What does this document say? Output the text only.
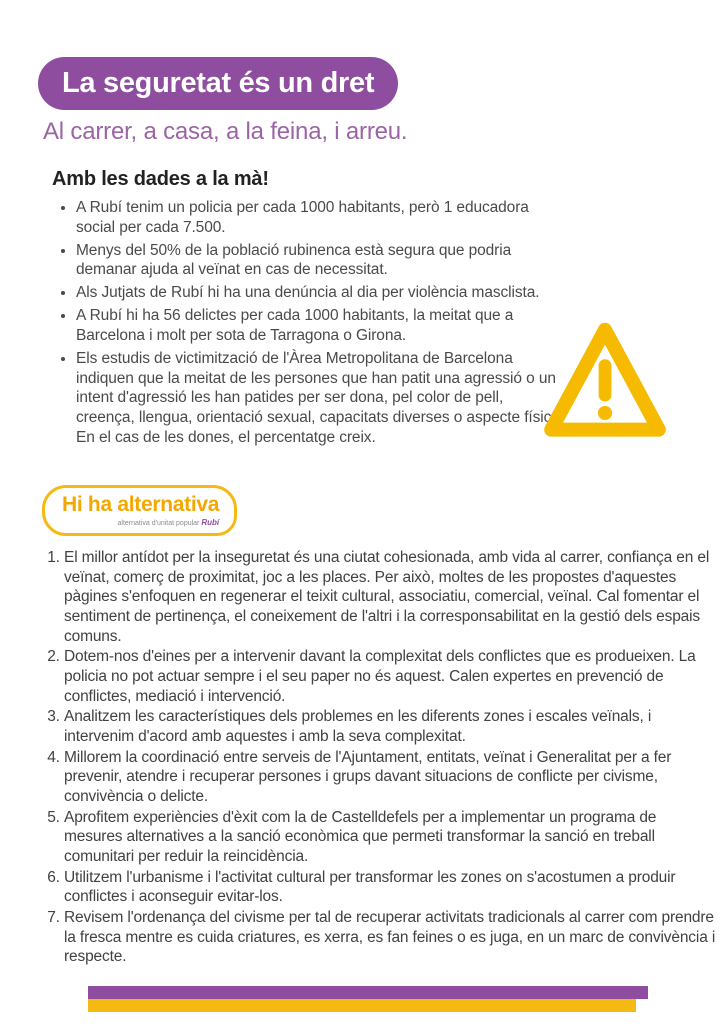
La seguretat és un dret
Al carrer, a casa, a la feina, i arreu.
Amb les dades a la mà!
• A Rubí tenim un policia per cada 1000 habitants, però 1 educadora social per cada 7.500.
• Menys del 50% de la població rubinenca està segura que podria demanar ajuda al veïnat en cas de necessitat.
• Als Jutjats de Rubí hi ha una denúncia al dia per violència masclista.
• A Rubí hi ha 56 delictes per cada 1000 habitants, la meitat que a Barcelona i molt per sota de Tarragona o Girona.
• Els estudis de victimització de l'Àrea Metropolitana de Barcelona indiquen que la meitat de les persones que han patit una agressió o un intent d'agressió les han patides per ser dona, pel color de pell, creença, llengua, orientació sexual, capacitats diverses o aspecte físic. En el cas de les dones, el percentatge creix.
Hi ha alternativa
alternativa d'unitat popular Rubí
1. El millor antídot per la inseguretat és una ciutat cohesionada, amb vida al carrer, confiança en el veïnat, comerç de proximitat, joc a les places. Per això, moltes de les propostes d'aquestes pàgines s'enfoquen en regenerar el teixit cultural, associatiu, comercial, veïnal. Cal fomentar el sentiment de pertinença, el coneixement de l'altri i la corresponsabilitat en la gestió dels espais comuns.
2. Dotem-nos d'eines per a intervenir davant la complexitat dels conflictes que es produeixen. La policia no pot actuar sempre i el seu paper no és aquest. Calen expertes en prevenció de conflictes, mediació i intervenció.
3. Analitzem les característiques dels problemes en les diferents zones i escales veïnals, i intervenim d'acord amb aquestes i amb la seva complexitat.
4. Millorem la coordinació entre serveis de l'Ajuntament, entitats, veïnat i Generalitat per a fer prevenir, atendre i recuperar persones i grups davant situacions de conflicte per civisme, convivència o delicte.
5. Aprofitem experiències d'èxit com la de Castelldefels per a implementar un programa de mesures alternatives a la sanció econòmica que permeti transformar la sanció en treball comunitari per reduir la reincidència.
6. Utilitzem l'urbanisme i l'activitat cultural per transformar les zones on s'acostumen a produir conflictes i aconseguir evitar-los.
7. Revisem l'ordenança del civisme per tal de recuperar activitats tradicionals al carrer com prendre la fresca mentre es cuida criatures, es xerra, es fan feines o es juga, en un marc de convivència i respecte.
